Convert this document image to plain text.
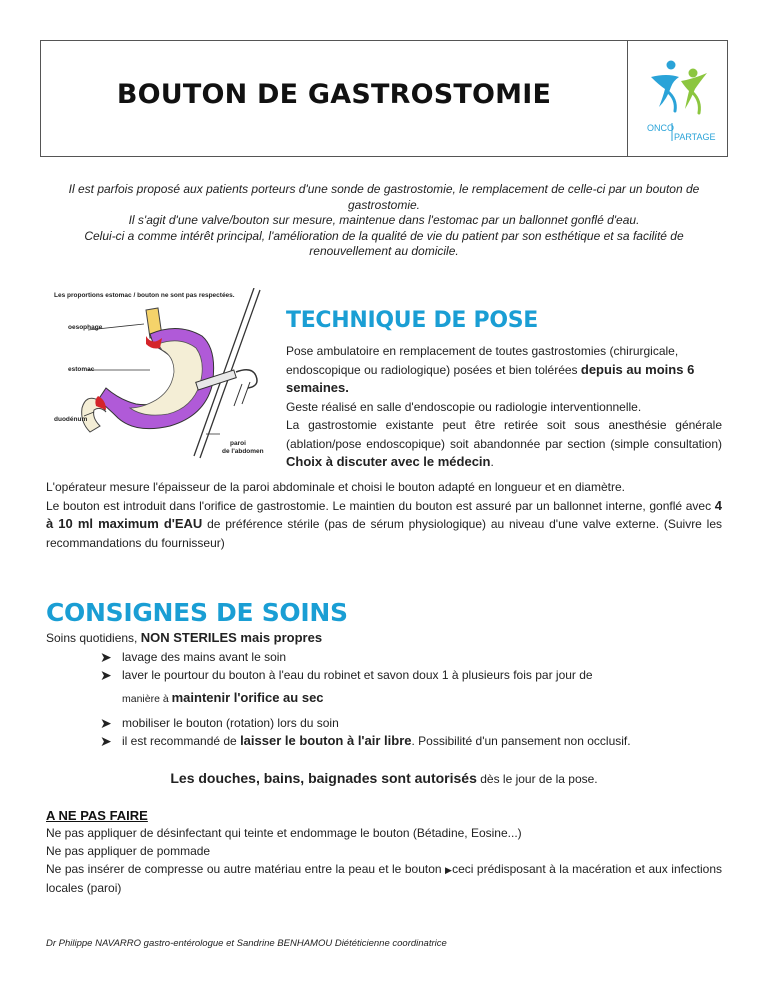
BOUTON DE GASTROSTOMIE
ONCO
PARTAGE
Il est parfois proposé aux patients porteurs d'une sonde de gastrostomie, le remplacement de celle-ci par un bouton de gastrostomie.
Il s'agit d'une valve/bouton sur mesure, maintenue dans l'estomac par un ballonnet gonflé d'eau.
Celui-ci a comme intérêt principal, l'amélioration de la qualité de vie du patient par son esthétique et sa facilité de renouvellement au domicile.
Les proportions estomac / bouton ne sont pas respectées.
oesophage
estomac
duodénum
paroi
de l'abdomen
TECHNIQUE DE POSE
Pose ambulatoire en remplacement de toutes gastrostomies (chirurgicale, endoscopique ou radiologique) posées et bien tolérées depuis au moins 6 semaines.
Geste réalisé en salle d'endoscopie ou radiologie interventionnelle.
La gastrostomie existante peut être retirée soit sous anesthésie générale (ablation/pose endoscopique) soit abandonnée par section (simple consultation) Choix à discuter avec le médecin.
L'opérateur mesure l'épaisseur de la paroi abdominale et choisi le bouton adapté en longueur et en diamètre.
Le bouton est introduit dans l'orifice de gastrostomie. Le maintien du bouton est assuré par un ballonnet interne, gonflé avec 4 à 10 ml maximum d'EAU de préférence stérile (pas de sérum physiologique) au niveau d'une valve externe. (Suivre les recommandations du fournisseur)
CONSIGNES DE SOINS
Soins quotidiens, NON STERILES mais propres
➤ lavage des mains avant le soin
➤ laver le pourtour du bouton à l'eau du robinet et savon doux 1 à plusieurs fois par jour de
manière à maintenir l'orifice au sec
➤ mobiliser le bouton (rotation) lors du soin
➤ il est recommandé de laisser le bouton à l'air libre. Possibilité d'un pansement non occlusif.
Les douches, bains, baignades sont autorisés dès le jour de la pose.
A NE PAS FAIRE
Ne pas appliquer de désinfectant qui teinte et endommage le bouton (Bétadine, Eosine...)
Ne pas appliquer de pommade
Ne pas insérer de compresse ou autre matériau entre la peau et le bouton ▶ceci prédisposant à la macération et aux infections locales (paroi)
Dr Philippe NAVARRO gastro-entérologue et Sandrine BENHAMOU Diététicienne coordinatrice
